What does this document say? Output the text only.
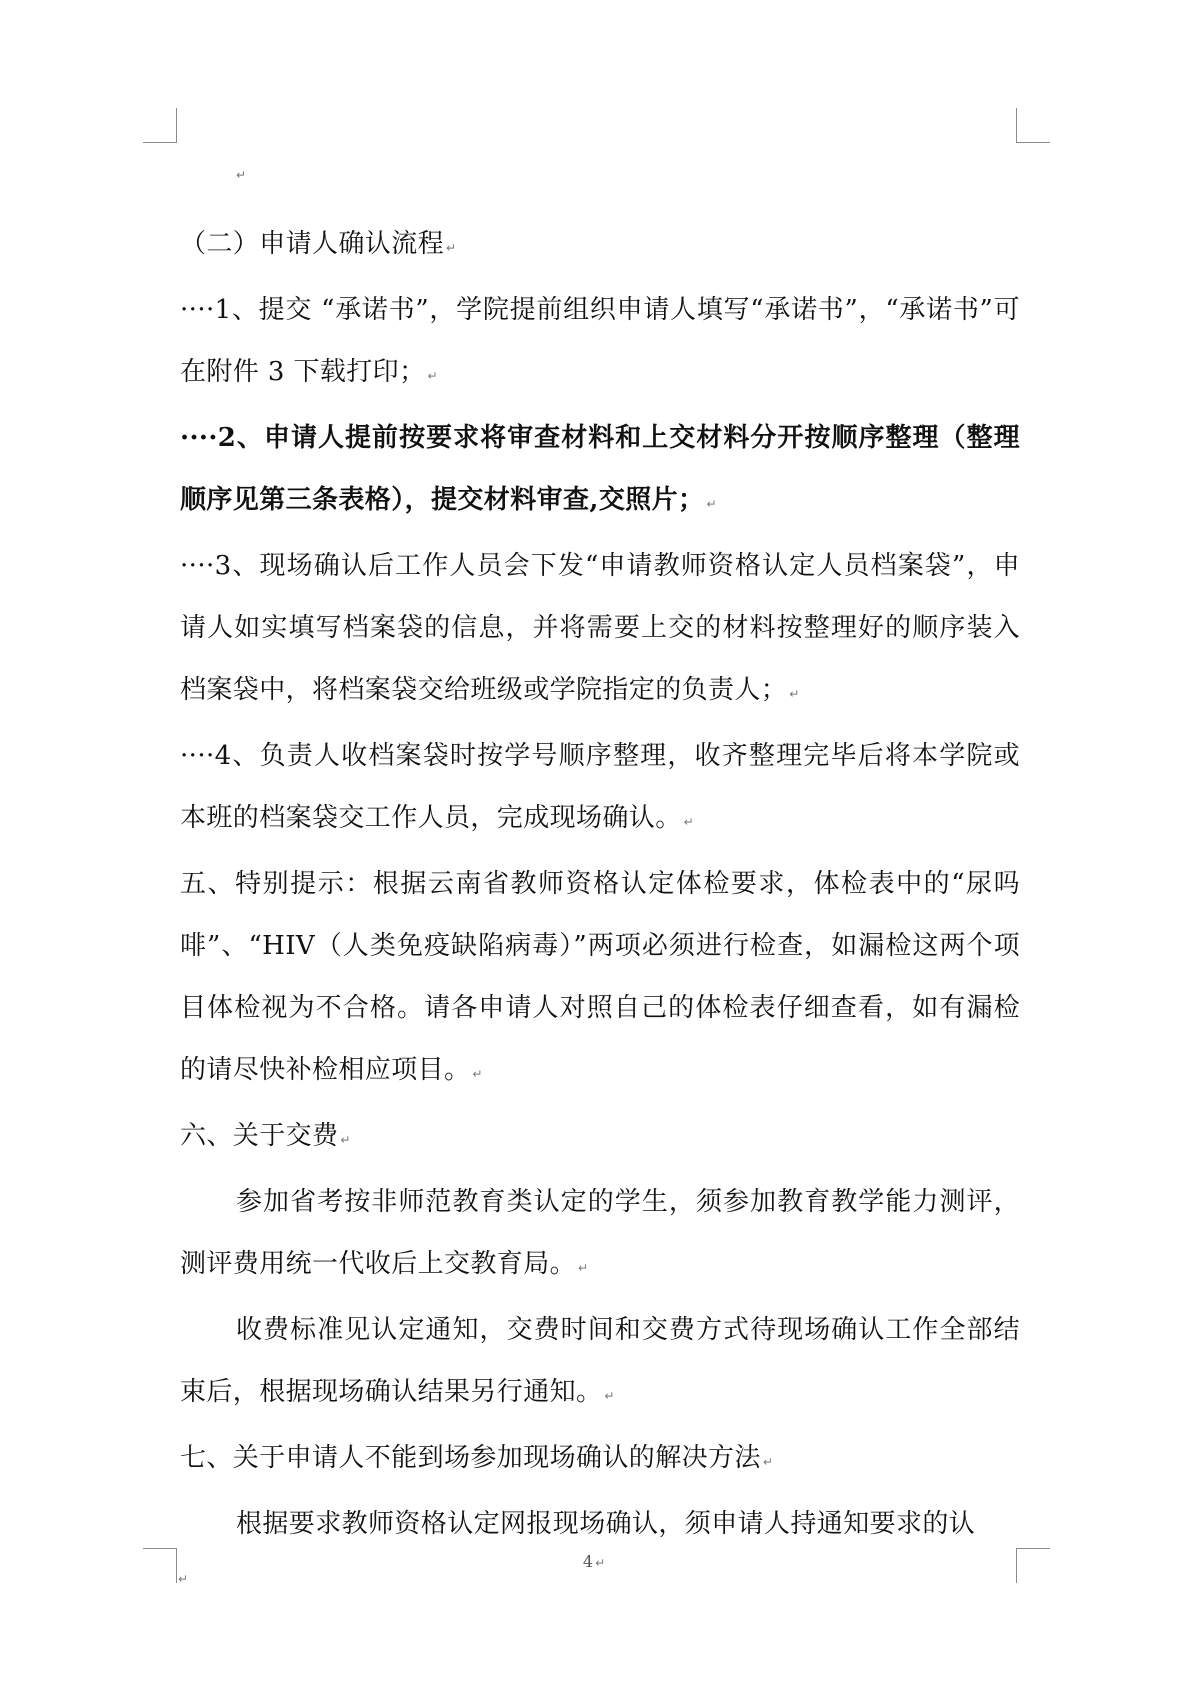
↵

（二）申请人确认流程 ↵

····1、提交 “承诺书”，学院提前组织申请人填写“承诺书”，“承诺书”可在附件 3 下载打印； ↵

····2、申请人提前按要求将审查材料和上交材料分开按顺序整理（整理顺序见第三条表格），提交材料审查,交照片； ↵

····3、现场确认后工作人员会下发“申请教师资格认定人员档案袋”，申请人如实填写档案袋的信息，并将需要上交的材料按整理好的顺序装入档案袋中，将档案袋交给班级或学院指定的负责人； ↵

····4、负责人收档案袋时按学号顺序整理，收齐整理完毕后将本学院或本班的档案袋交工作人员，完成现场确认。 ↵

五、特别提示：根据云南省教师资格认定体检要求，体检表中的“尿吗啡”、“HIV（人类免疫缺陷病毒）”两项必须进行检查，如漏检这两个项目体检视为不合格。请各申请人对照自己的体检表仔细查看，如有漏检的请尽快补检相应项目。 ↵

六、关于交费 ↵

参加省考按非师范教育类认定的学生，须参加教育教学能力测评，测评费用统一代收后上交教育局。 ↵

收费标准见认定通知，交费时间和交费方式待现场确认工作全部结束后，根据现场确认结果另行通知。 ↵

七、关于申请人不能到场参加现场确认的解决方法 ↵

根据要求教师资格认定网报现场确认，须申请人持通知要求的认

4 ↵
↵
